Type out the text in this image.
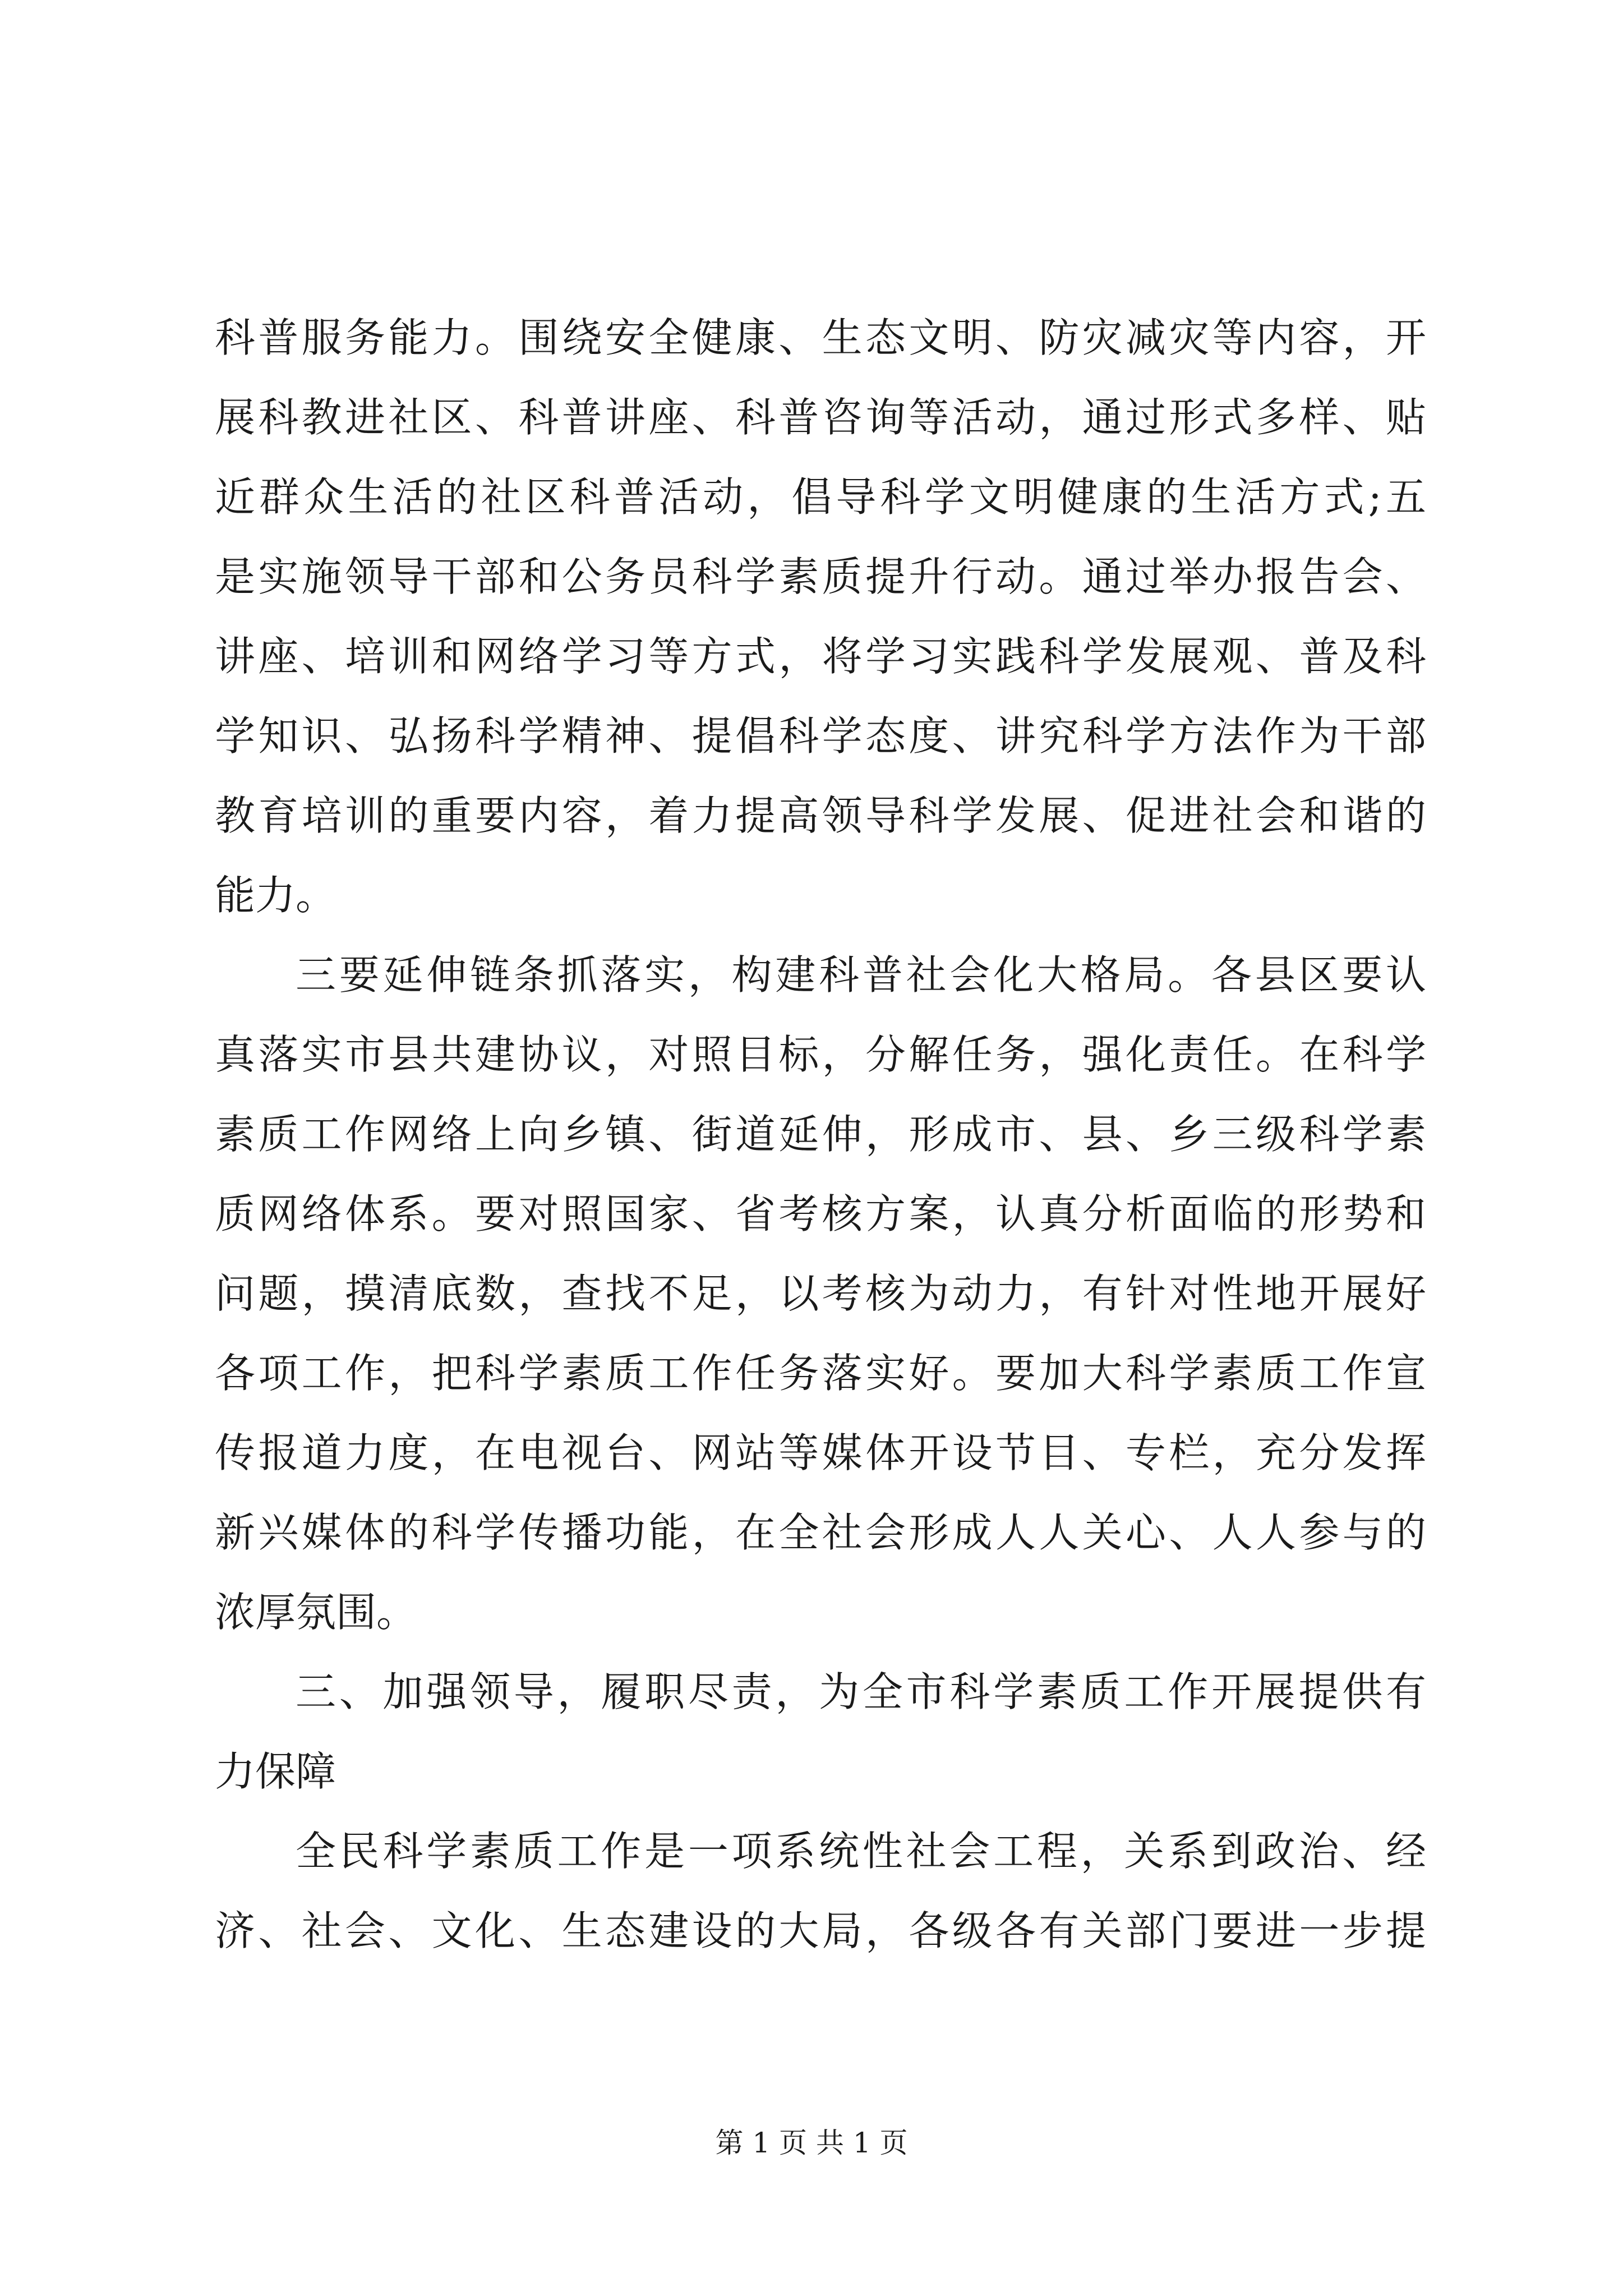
科普服务能力。围绕安全健康、生态文明、防灾减灾等内容，开
展科教进社区、科普讲座、科普咨询等活动，通过形式多样、贴
近群众生活的社区科普活动，倡导科学文明健康的生活方式;五
是实施领导干部和公务员科学素质提升行动。通过举办报告会、
讲座、培训和网络学习等方式，将学习实践科学发展观、普及科
学知识、弘扬科学精神、提倡科学态度、讲究科学方法作为干部
教育培训的重要内容，着力提高领导科学发展、促进社会和谐的
能力。
三要延伸链条抓落实，构建科普社会化大格局。各县区要认
真落实市县共建协议，对照目标，分解任务，强化责任。在科学
素质工作网络上向乡镇、街道延伸，形成市、县、乡三级科学素
质网络体系。要对照国家、省考核方案，认真分析面临的形势和
问题，摸清底数，查找不足，以考核为动力，有针对性地开展好
各项工作，把科学素质工作任务落实好。要加大科学素质工作宣
传报道力度，在电视台、网站等媒体开设节目、专栏，充分发挥
新兴媒体的科学传播功能，在全社会形成人人关心、人人参与的
浓厚氛围。
三、加强领导，履职尽责，为全市科学素质工作开展提供有
力保障
全民科学素质工作是一项系统性社会工程，关系到政治、经
济、社会、文化、生态建设的大局，各级各有关部门要进一步提
第 1 页 共 1 页
